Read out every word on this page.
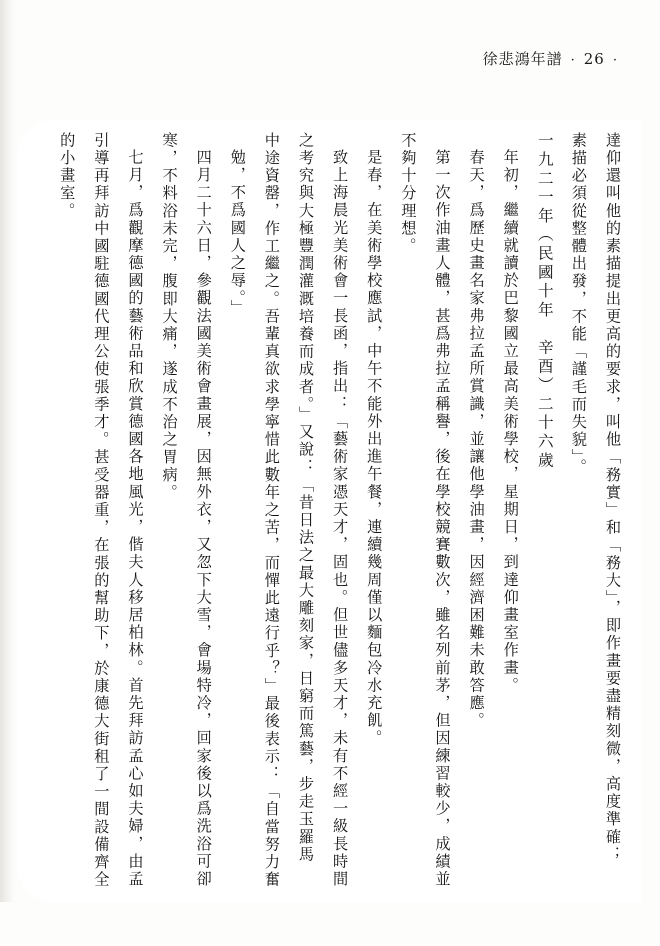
徐悲鴻年譜 · 26 ·
達仰還叫他的素描提出更高的要求，叫他「務實」和「務大」，即作畫要盡精刻微，高度準確；
素描必須從整體出發，不能「謹毛而失貌」。
一九二一年（民國十年　辛酉）二十六歲
年初，繼續就讀於巴黎國立最高美術學校，星期日，到達仰畫室作畫。
春天，爲歷史畫名家弗拉孟所賞識，並讓他學油畫，因經濟困難未敢答應。
第一次作油畫人體，甚爲弗拉孟稱譽，後在學校競賽數次，雖名列前茅，但因練習較少，成績並
不夠十分理想。
是春，在美術學校應試，中午不能外出進午餐，連續幾周僅以麵包冷水充飢。
致上海晨光美術會一長函，指出：「藝術家憑天才，固也。但世儘多天才，未有不經一級長時間
之考究與大極豐潤灌溉培養而成者。」又說：「昔日法之最大雕刻家，日窮而篤藝，步走玉羅馬
中途資罄，作工繼之。吾輩真欲求學寧惜此數年之苦，而憚此遠行乎？」最後表示：「自當努力奮
勉，不爲國人之辱。」
四月二十六日，參觀法國美術會畫展，因無外衣，又忽下大雪，會場特冷，回家後以爲洗浴可卻
寒，不料浴未完，腹即大痛，遂成不治之胃病。
七月，爲觀摩德國的藝術品和欣賞德國各地風光，偕夫人移居柏林。首先拜訪孟心如夫婦，由孟
引導再拜訪中國駐德國代理公使張季才。甚受器重，在張的幫助下，於康德大街租了一間設備齊全
的小畫室。
